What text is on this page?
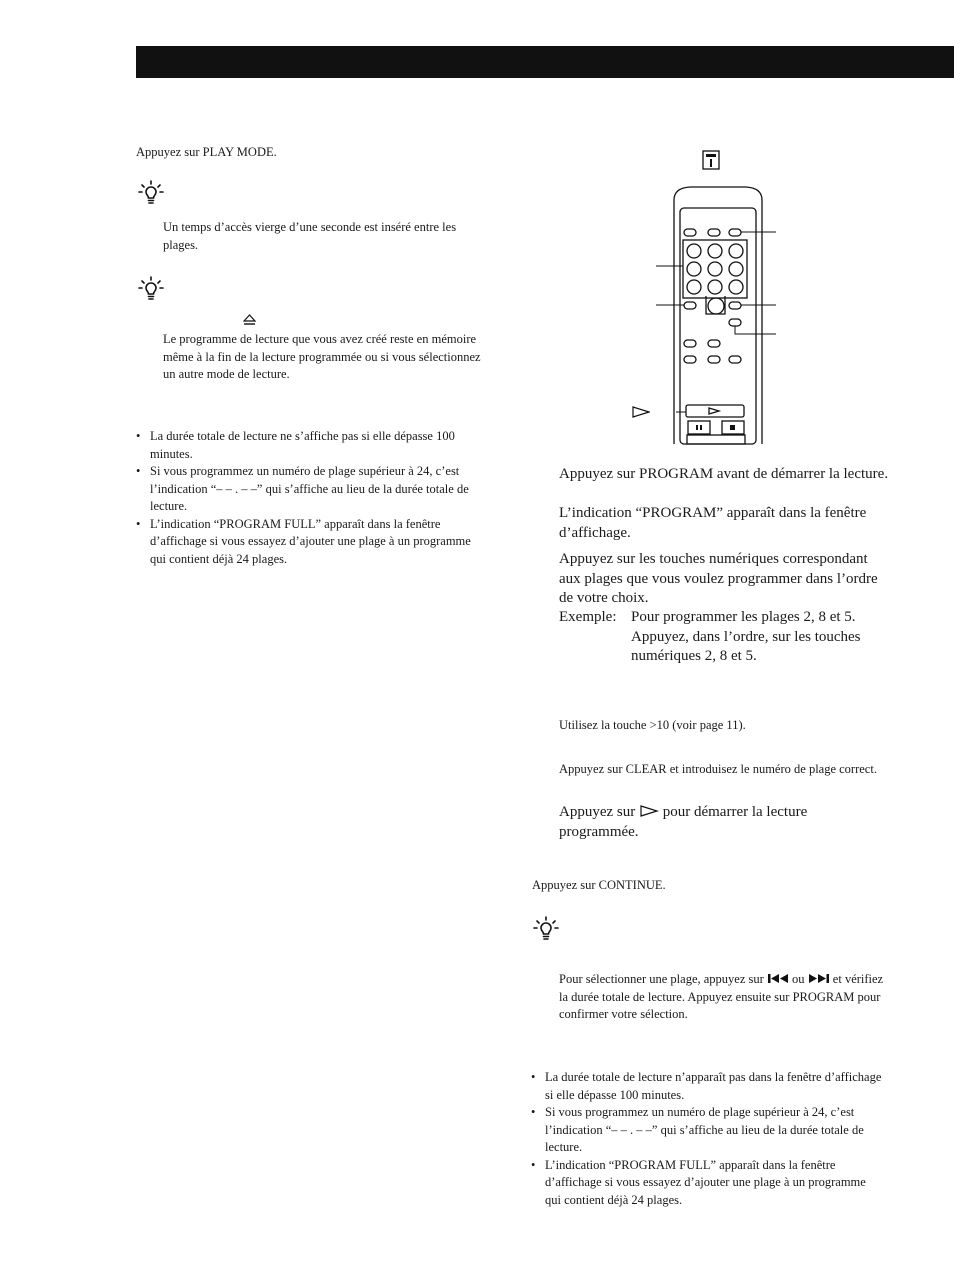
Appuyez sur PLAY MODE.
Un temps d’accès vierge d’une seconde est inséré entre les plages.
Le programme de lecture que vous avez créé reste en mémoire même à la fin de la lecture programmée ou si vous sélectionnez un autre mode de lecture.
• La durée totale de lecture ne s’affiche pas si elle dépasse 100 minutes.
• Si vous programmez un numéro de plage supérieur à 24, c’est l’indication “– – . – –” qui s’affiche au lieu de la durée totale de lecture.
• L’indication “PROGRAM FULL” apparaît dans la fenêtre d’affichage si vous essayez d’ajouter une plage à un programme qui contient déjà 24 plages.
Appuyez sur PROGRAM avant de démarrer la lecture.
L’indication “PROGRAM” apparaît dans la fenêtre d’affichage.
Appuyez sur les touches numériques correspondant aux plages que vous voulez programmer dans l’ordre de votre choix.
Exemple: Pour programmer les plages 2, 8 et 5. Appuyez, dans l’ordre, sur les touches numériques 2, 8 et 5.
Utilisez la touche >10 (voir page 11).
Appuyez sur CLEAR et introduisez le numéro de plage correct.
Appuyez sur pour démarrer la lecture programmée.
Appuyez sur CONTINUE.
Pour sélectionner une plage, appuyez sur ou et vérifiez la durée totale de lecture. Appuyez ensuite sur PROGRAM pour confirmer votre sélection.
• La durée totale de lecture n’apparaît pas dans la fenêtre d’affichage si elle dépasse 100 minutes.
• Si vous programmez un numéro de plage supérieur à 24, c’est l’indication “– – . – –” qui s’affiche au lieu de la durée totale de lecture.
• L’indication “PROGRAM FULL” apparaît dans la fenêtre d’affichage si vous essayez d’ajouter une plage à un programme qui contient déjà 24 plages.
